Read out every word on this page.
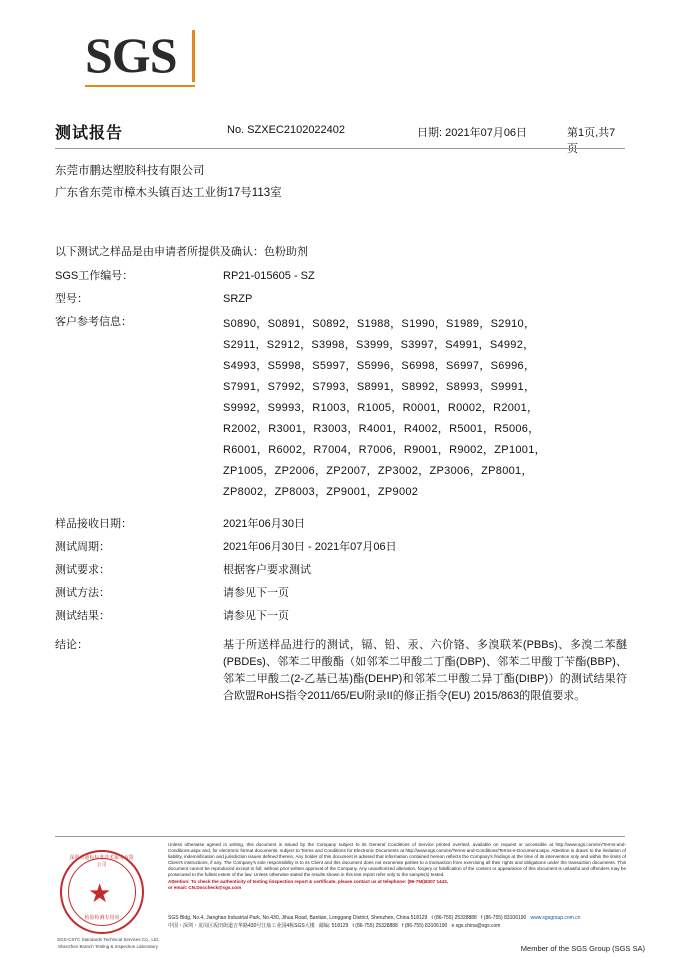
SGS
测试报告	No. SZXEC2102022402	日期: 2021年07月06日	第1页,共7页
东莞市鹏达塑胶科技有限公司
广东省东莞市樟木头镇百达工业街17号113室
以下测试之样品是由申请者所提供及确认：色粉助剂
SGS工作编号：	RP21-015605 - SZ
型号：	SRZP
客户参考信息：	S0890，S0891，S0892，S1988，S1990，S1989，S2910，
S2911，S2912，S3998，S3999，S3997，S4991，S4992，
S4993，S5998，S5997，S5996，S6998，S6997，S6996，
S7991，S7992，S7993，S8991，S8992，S8993，S9991，
S9992，S9993，R1003，R1005，R0001，R0002，R2001，
R2002，R3001，R3003，R4001，R4002，R5001，R5006，
R6001，R6002，R7004，R7006，R9001，R9002，ZP1001，
ZP1005，ZP2006，ZP2007，ZP3002，ZP3006，ZP8001，
ZP8002，ZP8003，ZP9001，ZP9002
样品接收日期：	2021年06月30日
测试周期：	2021年06月30日 - 2021年07月06日
测试要求：	根据客户要求测试
测试方法：	请参见下一页
测试结果：	请参见下一页
结论：	基于所送样品进行的测试，镉、铅、汞、六价铬、多溴联苯(PBBs)、多溴二苯醚(PBDEs)、邻苯二甲酸酯（如邻苯二甲酸二丁酯(DBP)、邻苯二甲酸丁苄酯(BBP)、邻苯二甲酸二(2-乙基已基)酯(DEHP)和邻苯二甲酸二异丁酯(DIBP)）的测试结果符合欧盟RoHS指令2011/65/EU附录II的修正指令(EU) 2015/863的限值要求。
深圳市通标标准技术服务有限公司
★
检验检测专用章
SGS-CSTC Standards Technical Services Co., Ltd.
Shenzhen Branch Testing & Inspection Laboratory
Unless otherwise agreed in writing, this document is issued by the Company subject to its General Conditions of Service printed overleaf, available on request or accessible at http://www.sgs.com/en/Terms-and-Conditions.aspx and, for electronic format documents, subject to Terms and Conditions for Electronic Documents at http://www.sgs.com/en/Terms-and-Conditions/Terms-e-Document.aspx. Attention is drawn to the limitation of liability, indemnification and jurisdiction issues defined therein. Any holder of this document is advised that information contained hereon reflects the Company's findings at the time of its intervention only and within the limits of Client's instructions, if any. The Company's sole responsibility is to its Client and this document does not exonerate parties to a transaction from exercising all their rights and obligations under the transaction documents. This document cannot be reproduced except in full, without prior written approval of the Company. Any unauthorized alteration, forgery or falsification of the content or appearance of this document is unlawful and offenders may be prosecuted to the fullest extent of the law. Unless otherwise stated the results shown in this test report refer only to the sample(s) tested.
Attention: To check the authenticity of testing /inspection report & certificate, please contact us at telephone: (86-755)8307 1443,
or email: CN.Doccheck@sgs.com
SGS Bldg, No.4, Jianghao Industrial Park, No.430, Jihua Road, Bantian, Longgang District, Shenzhen, China 518129 t (86-755) 25328888 f (86-755) 83106190 www.sgsgroup.com.cn
中国・深圳・龙岗区坂田街道吉华路430号江灿工业园4栋SGS大楼 邮编: 518129 t (86-755) 25328888 f (86-755) 83106190 e sgs.china@sgs.com
Member of the SGS Group (SGS SA)
